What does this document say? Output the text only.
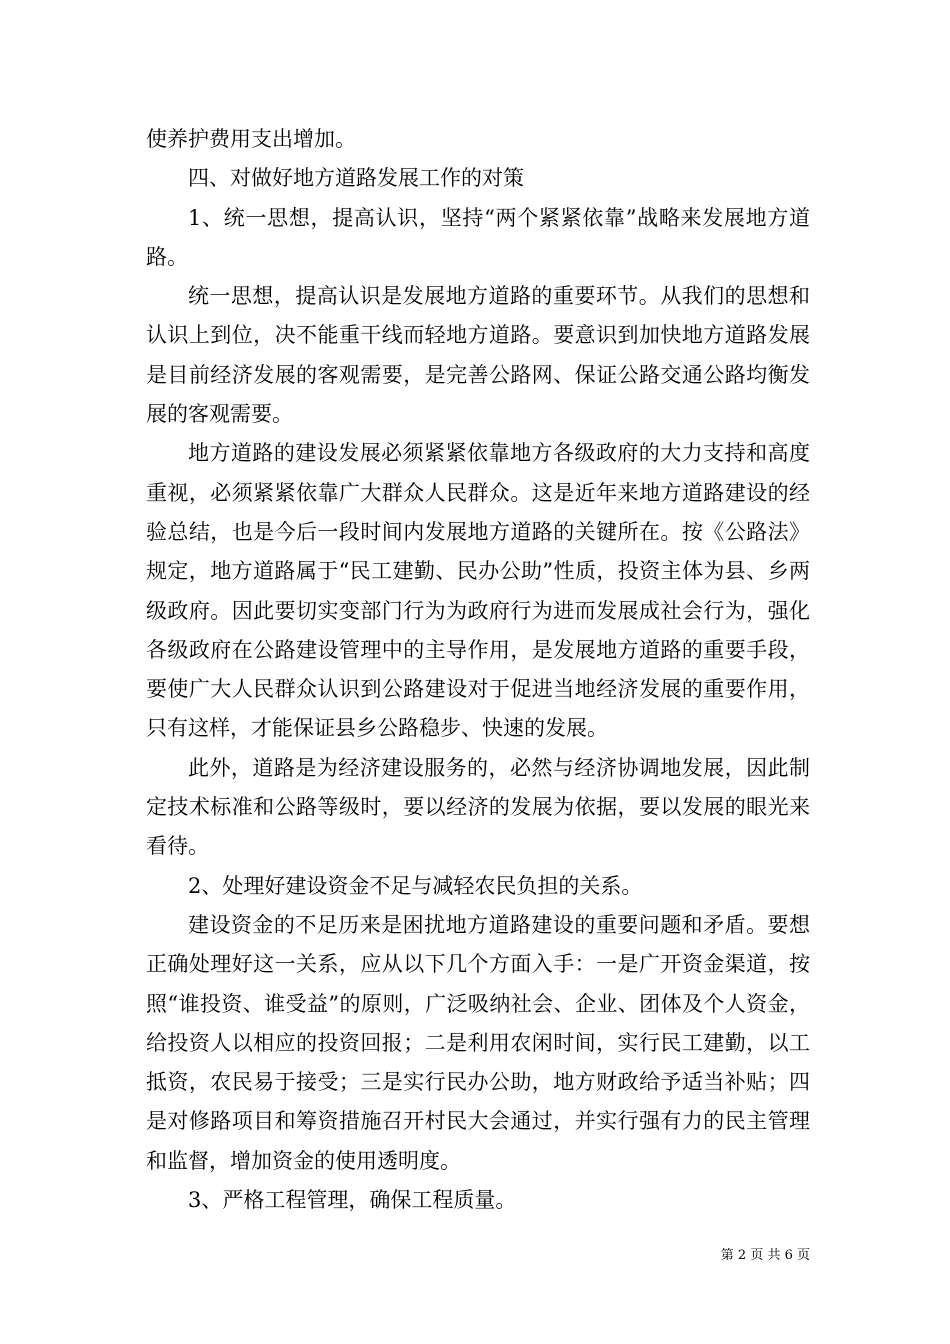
使养护费用支出增加。

四、对做好地方道路发展工作的对策

1、统一思想，提高认识，坚持“两个紧紧依靠”战略来发展地方道路。

统一思想，提高认识是发展地方道路的重要环节。从我们的思想和认识上到位，决不能重干线而轻地方道路。要意识到加快地方道路发展是目前经济发展的客观需要，是完善公路网、保证公路交通公路均衡发展的客观需要。

地方道路的建设发展必须紧紧依靠地方各级政府的大力支持和高度重视，必须紧紧依靠广大群众人民群众。这是近年来地方道路建设的经验总结，也是今后一段时间内发展地方道路的关键所在。按《公路法》规定，地方道路属于“民工建勤、民办公助”性质，投资主体为县、乡两级政府。因此要切实变部门行为为政府行为进而发展成社会行为，强化各级政府在公路建设管理中的主导作用，是发展地方道路的重要手段，要使广大人民群众认识到公路建设对于促进当地经济发展的重要作用，只有这样，才能保证县乡公路稳步、快速的发展。

此外，道路是为经济建设服务的，必然与经济协调地发展，因此制定技术标准和公路等级时，要以经济的发展为依据，要以发展的眼光来看待。

2、处理好建设资金不足与减轻农民负担的关系。

建设资金的不足历来是困扰地方道路建设的重要问题和矛盾。要想正确处理好这一关系，应从以下几个方面入手：一是广开资金渠道，按照“谁投资、谁受益”的原则，广泛吸纳社会、企业、团体及个人资金，给投资人以相应的投资回报；二是利用农闲时间，实行民工建勤，以工抵资，农民易于接受；三是实行民办公助，地方财政给予适当补贴；四是对修路项目和筹资措施召开村民大会通过，并实行强有力的民主管理和监督，增加资金的使用透明度。

3、严格工程管理，确保工程质量。

第 2 页 共 6 页
